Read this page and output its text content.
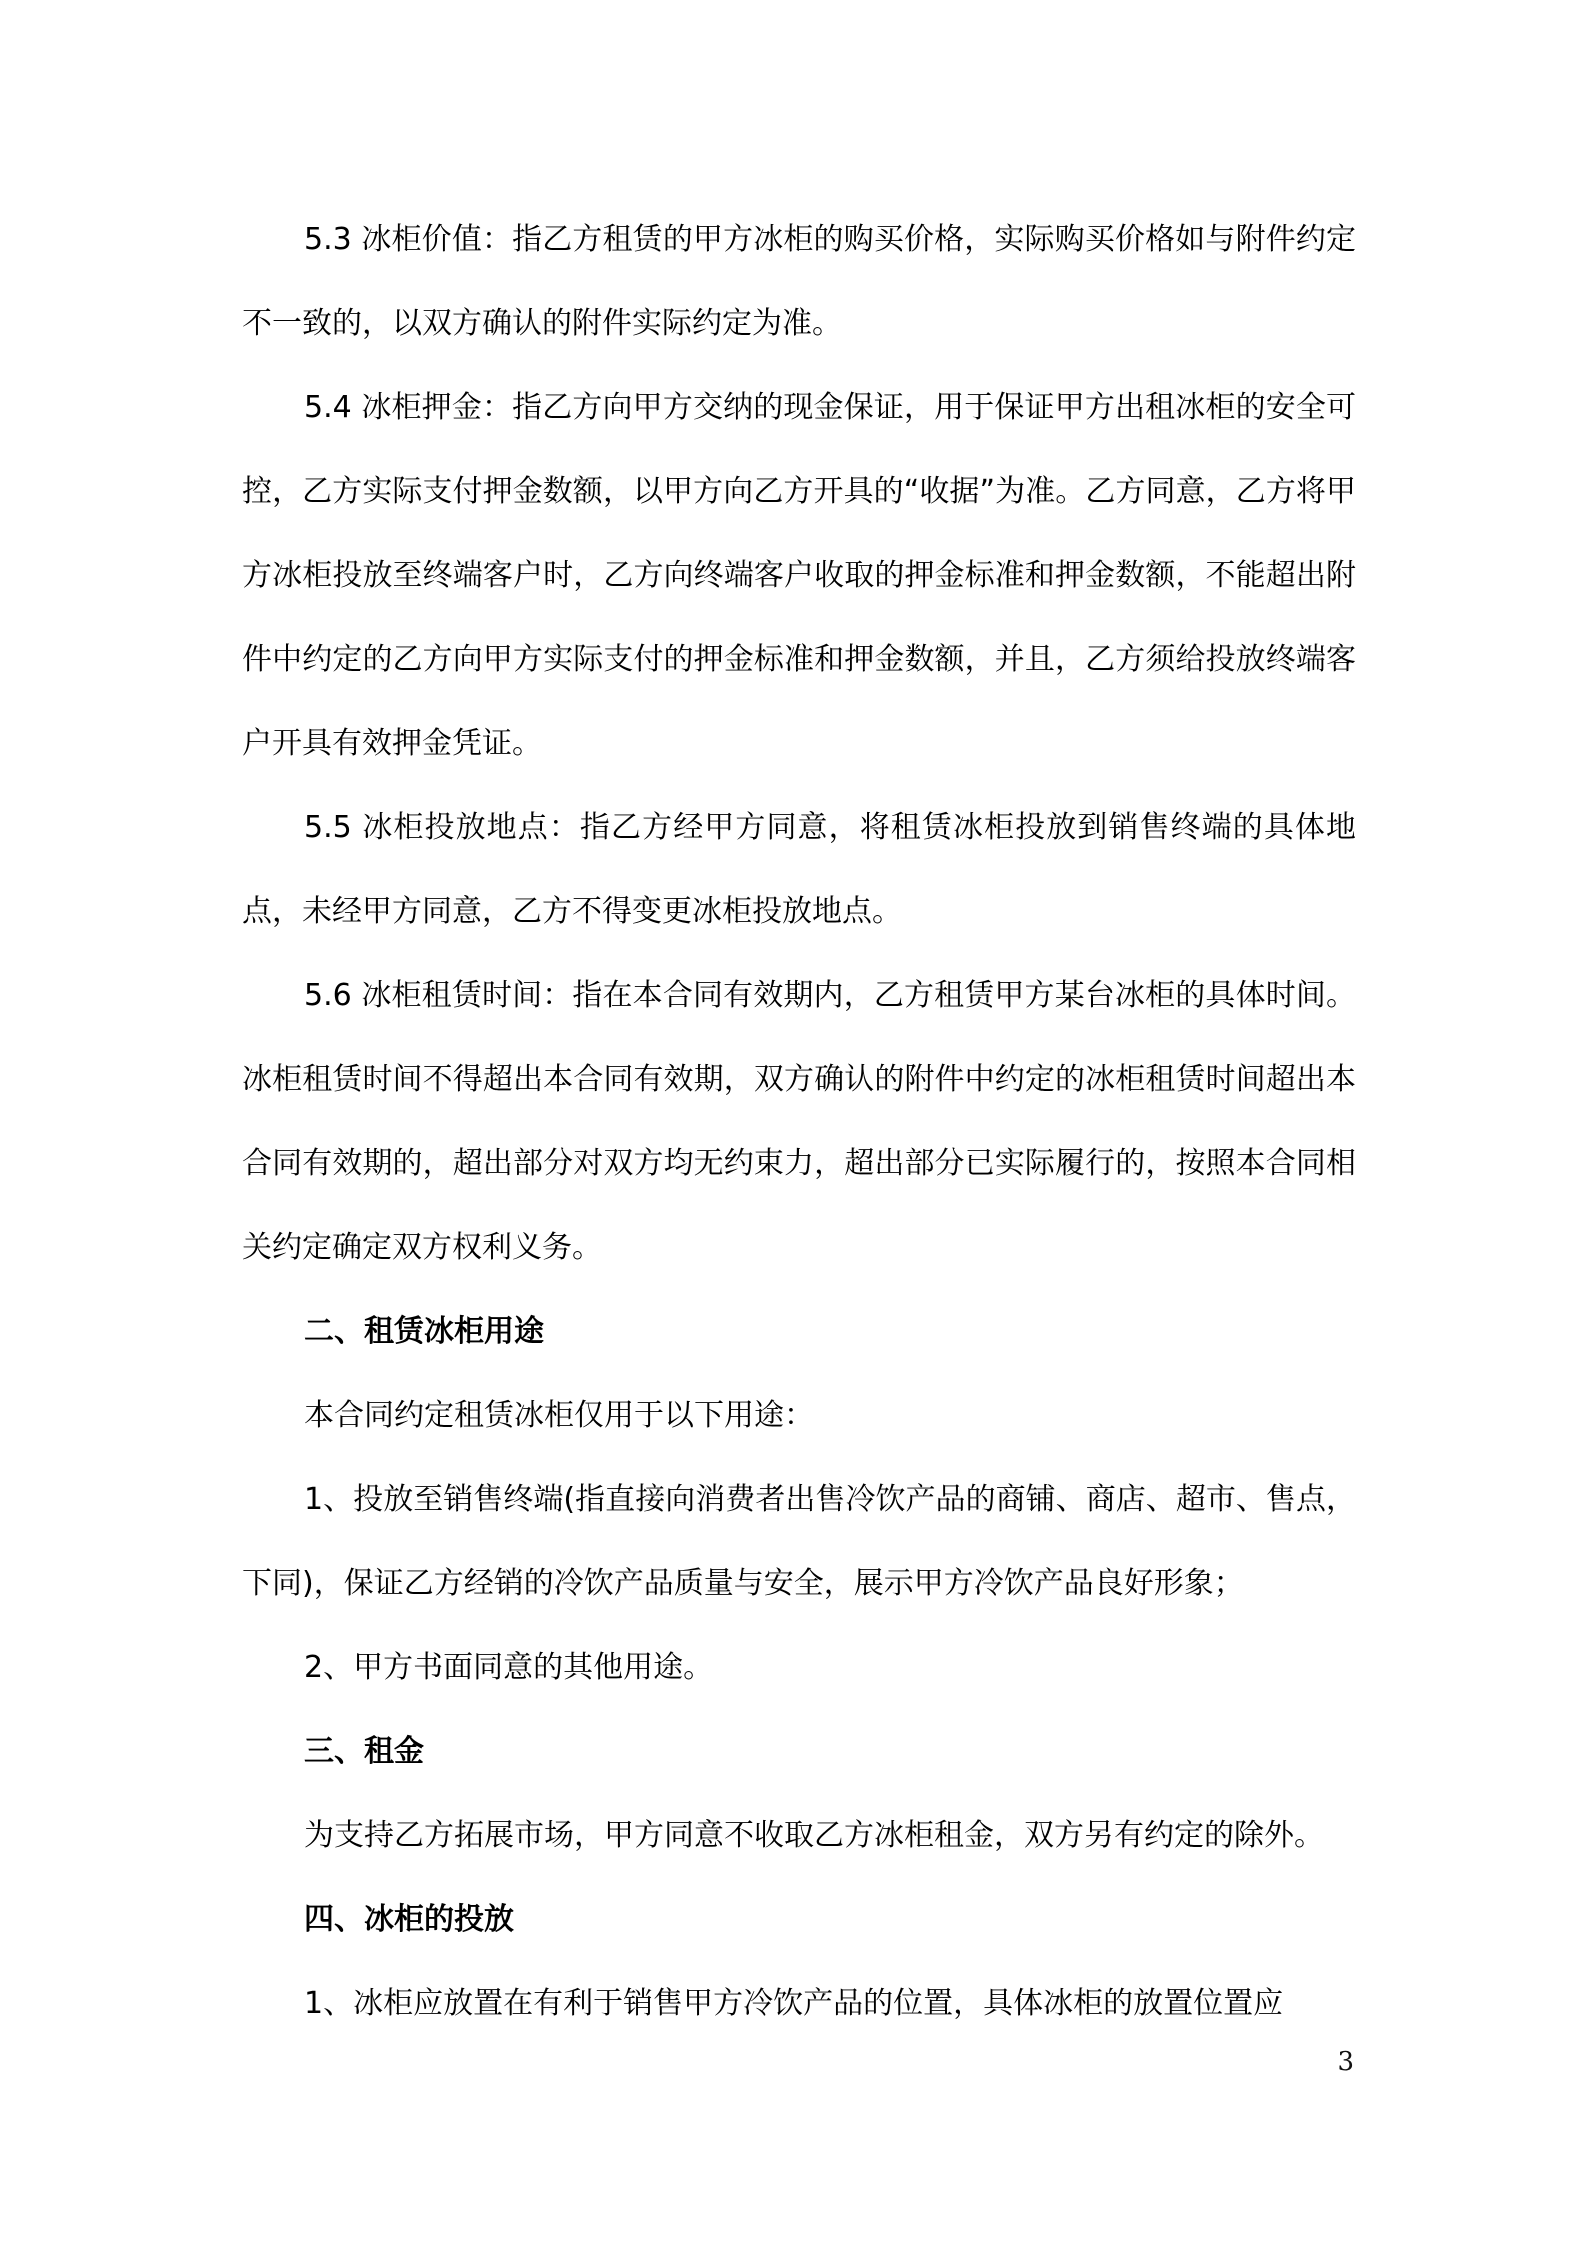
5.3 冰柜价值：指乙方租赁的甲方冰柜的购买价格，实际购买价格如与附件约定不一致的，以双方确认的附件实际约定为准。

5.4 冰柜押金：指乙方向甲方交纳的现金保证，用于保证甲方出租冰柜的安全可控，乙方实际支付押金数额，以甲方向乙方开具的“收据”为准。乙方同意，乙方将甲方冰柜投放至终端客户时，乙方向终端客户收取的押金标准和押金数额，不能超出附件中约定的乙方向甲方实际支付的押金标准和押金数额，并且，乙方须给投放终端客户开具有效押金凭证。

5.5 冰柜投放地点：指乙方经甲方同意，将租赁冰柜投放到销售终端的具体地点，未经甲方同意，乙方不得变更冰柜投放地点。

5.6 冰柜租赁时间：指在本合同有效期内，乙方租赁甲方某台冰柜的具体时间。冰柜租赁时间不得超出本合同有效期，双方确认的附件中约定的冰柜租赁时间超出本合同有效期的，超出部分对双方均无约束力，超出部分已实际履行的，按照本合同相关约定确定双方权利义务。

二、租赁冰柜用途

本合同约定租赁冰柜仅用于以下用途：

1、投放至销售终端(指直接向消费者出售冷饮产品的商铺、商店、超市、售点，下同)，保证乙方经销的冷饮产品质量与安全，展示甲方冷饮产品良好形象；

2、甲方书面同意的其他用途。

三、租金

为支持乙方拓展市场，甲方同意不收取乙方冰柜租金，双方另有约定的除外。

四、冰柜的投放

1、冰柜应放置在有利于销售甲方冷饮产品的位置，具体冰柜的放置位置应

3
